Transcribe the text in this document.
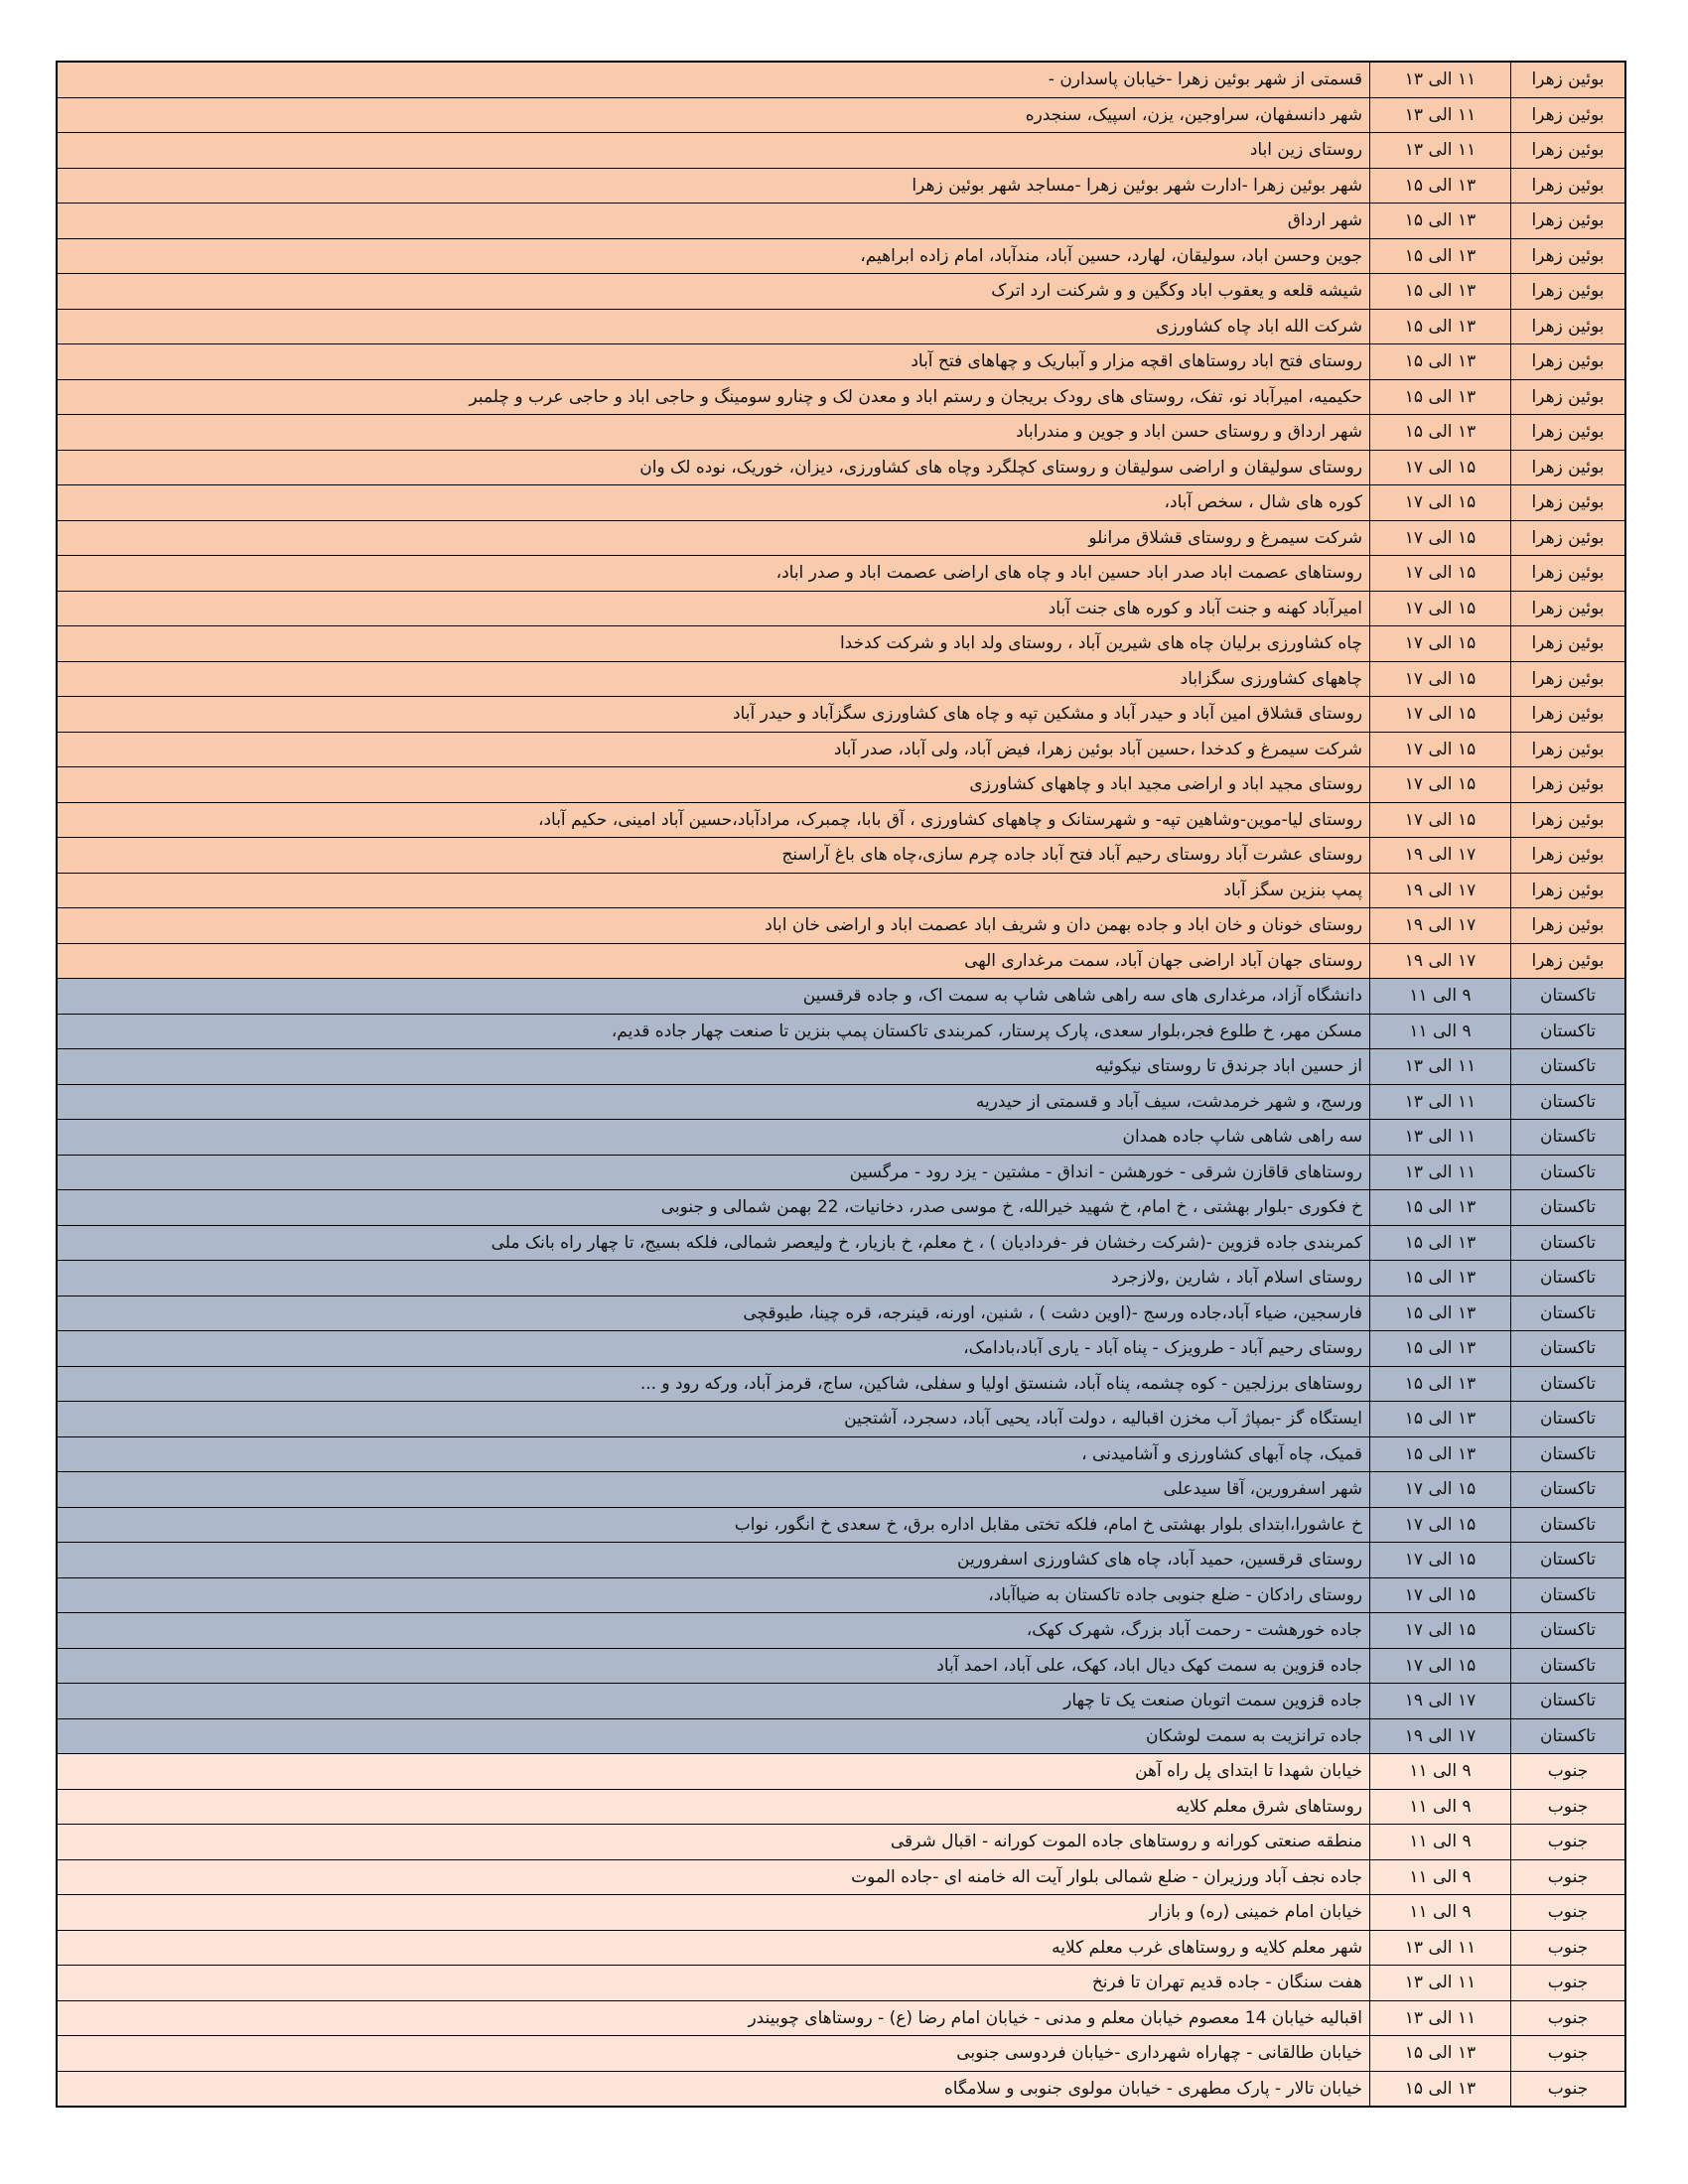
بوئین زهرا	۱۱ الی ۱۳	قسمتی از شهر بوئین زهرا -خیابان پاسدارن -
بوئین زهرا	۱۱ الی ۱۳	شهر دانسفهان، سراوجین، یزن، اسپیک، سنجدره
بوئین زهرا	۱۱ الی ۱۳	روستای زین اباد
بوئین زهرا	۱۳ الی ۱۵	شهر بوئین زهرا -ادارت شهر بوئین زهرا -مساجد شهر بوئین زهرا
بوئین زهرا	۱۳ الی ۱۵	شهر ارداق
بوئین زهرا	۱۳ الی ۱۵	جوین وحسن اباد، سولیقان، لهارد، حسین آباد، مندآباد، امام زاده ابراهیم،
بوئین زهرا	۱۳ الی ۱۵	شیشه قلعه و یعقوب اباد وکگین و و شرکنت ارد اترک
بوئین زهرا	۱۳ الی ۱۵	شرکت الله اباد چاه کشاورزی
بوئین زهرا	۱۳ الی ۱۵	روستای فتح اباد روستاهای اقچه مزار و آبباریک و چهاهای فتح آباد
بوئین زهرا	۱۳ الی ۱۵	حکیمیه، امیرآباد نو، تفک، روستای های رودک بریجان و رستم اباد و معدن لک و چنارو سومینگ و حاجی اباد و حاجی عرب و چلمبر
بوئین زهرا	۱۳ الی ۱۵	شهر ارداق و روستای حسن اباد و جوین و مندراباد
بوئین زهرا	۱۵ الی ۱۷	روستای سولیقان و اراضی سولیقان و روستای کچلگرد وچاه های کشاورزی، دیزان، خوریک، نوده لک وان
بوئین زهرا	۱۵ الی ۱۷	کوره های شال ، سخص آباد،
بوئین زهرا	۱۵ الی ۱۷	شرکت سیمرغ و روستای قشلاق مرانلو
بوئین زهرا	۱۵ الی ۱۷	روستاهای عصمت اباد صدر اباد حسین اباد و چاه های اراضی عصمت اباد و صدر اباد،
بوئین زهرا	۱۵ الی ۱۷	امیرآباد کهنه و جنت آباد و کوره های جنت آباد
بوئین زهرا	۱۵ الی ۱۷	چاه کشاورزی برلیان چاه های شیرین آباد ، روستای ولد اباد و شرکت کدخدا
بوئین زهرا	۱۵ الی ۱۷	چاههای کشاورزی سگزاباد
بوئین زهرا	۱۵ الی ۱۷	روستای قشلاق امین آباد و حیدر آباد و مشکین تپه و چاه های کشاورزی سگزآباد و حیدر آباد
بوئین زهرا	۱۵ الی ۱۷	شرکت سیمرغ و کدخدا ،حسین آباد بوئین زهرا، فیض آباد، ولی آباد، صدر آباد
بوئین زهرا	۱۵ الی ۱۷	روستای مجید اباد و اراضی مجید اباد و چاههای کشاورزی
بوئین زهرا	۱۵ الی ۱۷	روستای لیا-موین-وشاهین تپه- و شهرستانک و چاههای کشاورزی ، آق بابا، چمبرک، مرادآباد،حسین آباد امینی، حکیم آباد،
بوئین زهرا	۱۷ الی ۱۹	روستای عشرت آباد روستای رحیم آباد فتح آباد جاده چرم سازی،چاه های باغ آراسنج
بوئین زهرا	۱۷ الی ۱۹	پمپ بنزین سگز آباد
بوئین زهرا	۱۷ الی ۱۹	روستای خونان و خان اباد و جاده بهمن دان و شریف اباد عصمت اباد و اراضی خان اباد
بوئین زهرا	۱۷ الی ۱۹	روستای جهان آباد اراضی جهان آباد، سمت مرغداری الهی
تاکستان	۹ الی ۱۱	دانشگاه آزاد، مرغداری های سه راهی شاهی شاپ به سمت اک، و جاده قرقسین
تاکستان	۹ الی ۱۱	مسکن مهر، خ طلوع فجر،بلوار سعدی، پارک پرستار، کمربندی تاکستان پمپ بنزین تا صنعت چهار جاده قدیم،
تاکستان	۱۱ الی ۱۳	از حسین اباد جرندق تا روستای نیکوئیه
تاکستان	۱۱ الی ۱۳	ورسج، و شهر خرمدشت، سیف آباد و قسمتی از حیدریه
تاکستان	۱۱ الی ۱۳	سه راهی شاهی شاپ جاده همدان
تاکستان	۱۱ الی ۱۳	روستاهای قاقازن شرقی - خورهشن - انداق - مشتین - یزد رود - مرگسین
تاکستان	۱۳ الی ۱۵	خ فکوری -بلوار بهشتی ، خ امام، خ شهید خیرالله، خ موسی صدر، دخانیات، 22 بهمن شمالی و جنوبی
تاکستان	۱۳ الی ۱۵	کمربندی جاده قزوین -(شرکت رخشان فر -فردادیان ) ، خ معلم، خ بازیار، خ ولیعصر شمالی، فلکه بسیج، تا چهار راه بانک ملی
تاکستان	۱۳ الی ۱۵	روستای اسلام آباد ، شارین ,ولازجرد
تاکستان	۱۳ الی ۱۵	فارسجین، ضیاء آباد،جاده ورسج -(اوین دشت ) ، شنین، اورنه، قینرجه، قره چینا، طیوقچی
تاکستان	۱۳ الی ۱۵	روستای رحیم آباد - طرویزک - پناه آباد - یاری آباد،بادامک،
تاکستان	۱۳ الی ۱۵	روستاهای برزلجین - کوه چشمه، پناه آباد، شنستق اولیا و سفلی، شاکین، ساج، قرمز آباد، ورکه رود و ...
تاکستان	۱۳ الی ۱۵	ایستگاه گز -بمپاژ آب مخزن اقبالیه ، دولت آباد، یحیی آباد، دسجرد، آشتجین
تاکستان	۱۳ الی ۱۵	قمیک، چاه آبهای کشاورزی و آشامیدنی ،
تاکستان	۱۵ الی ۱۷	شهر اسفرورین، آقا سیدعلی
تاکستان	۱۵ الی ۱۷	خ عاشورا،ابتدای بلوار بهشتی خ امام، فلکه تختی مقابل اداره برق، خ سعدی خ انگور، نواب
تاکستان	۱۵ الی ۱۷	روستای قرقسین، حمید آباد، چاه های کشاورزی اسفرورین
تاکستان	۱۵ الی ۱۷	روستای رادکان - ضلع جنوبی جاده تاکستان به ضیاآباد،
تاکستان	۱۵ الی ۱۷	جاده خورهشت - رحمت آباد بزرگ، شهرک کهک،
تاکستان	۱۵ الی ۱۷	جاده قزوین به سمت کهک دیال اباد، کهک، علی آباد، احمد آباد
تاکستان	۱۷ الی ۱۹	جاده قزوین سمت اتوبان صنعت یک تا چهار
تاکستان	۱۷ الی ۱۹	جاده ترانزیت به سمت لوشکان
جنوب	۹ الی ۱۱	خیابان شهدا تا ابتدای پل راه آهن
جنوب	۹ الی ۱۱	روستاهای شرق معلم کلایه
جنوب	۹ الی ۱۱	منطقه صنعتی کورانه و روستاهای جاده الموت کورانه - اقبال شرقی
جنوب	۹ الی ۱۱	جاده نجف آباد ورزیران - ضلع شمالی بلوار آیت اله خامنه ای -جاده الموت
جنوب	۹ الی ۱۱	خیابان امام خمینی (ره) و بازار
جنوب	۱۱ الی ۱۳	شهر معلم کلایه و روستاهای غرب معلم کلایه
جنوب	۱۱ الی ۱۳	هفت سنگان - جاده قدیم تهران تا فرنخ
جنوب	۱۱ الی ۱۳	اقبالیه خیابان 14 معصوم خیابان معلم و مدنی - خیابان امام رضا (ع) - روستاهای چوبیندر
جنوب	۱۳ الی ۱۵	خیابان طالقانی - چهاراه شهرداری -خیابان فردوسی جنوبی
جنوب	۱۳ الی ۱۵	خیابان تالار - پارک مطهری - خیابان مولوی جنوبی و سلامگاه
